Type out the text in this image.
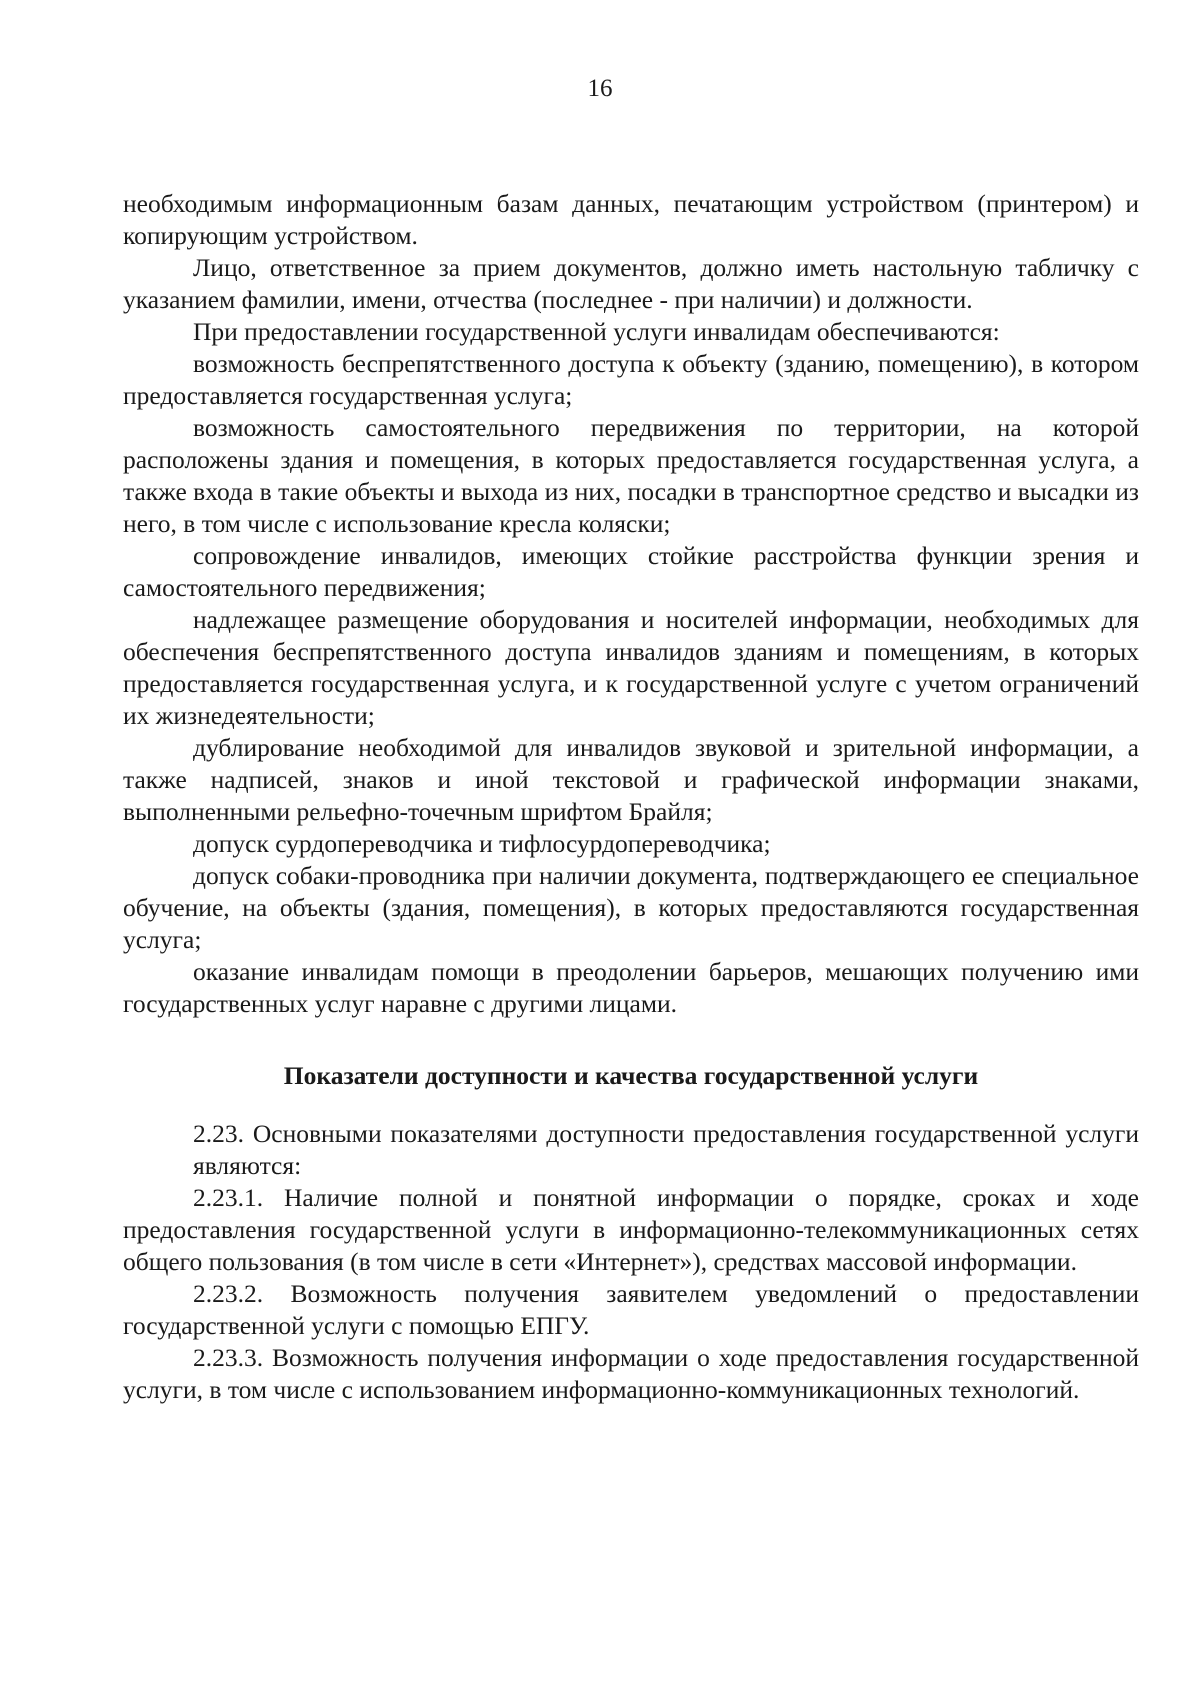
16

необходимым информационным базам данных, печатающим устройством (принтером) и копирующим устройством.

Лицо, ответственное за прием документов, должно иметь настольную табличку с указанием фамилии, имени, отчества (последнее - при наличии) и должности.

При предоставлении государственной услуги инвалидам обеспечиваются:

возможность беспрепятственного доступа к объекту (зданию, помещению), в котором предоставляется государственная услуга;

возможность самостоятельного передвижения по территории, на которой расположены здания и помещения, в которых предоставляется государственная услуга, а также входа в такие объекты и выхода из них, посадки в транспортное средство и высадки из него, в том числе с использование кресла коляски;

сопровождение инвалидов, имеющих стойкие расстройства функции зрения и самостоятельного передвижения;

надлежащее размещение оборудования и носителей информации, необходимых для обеспечения беспрепятственного доступа инвалидов зданиям и помещениям, в которых предоставляется государственная услуга, и к государственной услуге с учетом ограничений их жизнедеятельности;

дублирование необходимой для инвалидов звуковой и зрительной информации, а также надписей, знаков и иной текстовой и графической информации знаками, выполненными рельефно-точечным шрифтом Брайля;

допуск сурдопереводчика и тифлосурдопереводчика;

допуск собаки-проводника при наличии документа, подтверждающего ее специальное обучение, на объекты (здания, помещения), в которых предоставляются государственная услуга;

оказание инвалидам помощи в преодолении барьеров, мешающих получению ими государственных услуг наравне с другими лицами.

Показатели доступности и качества государственной услуги

2.23. Основными показателями доступности предоставления государственной услуги являются:

2.23.1. Наличие полной и понятной информации о порядке, сроках и ходе предоставления государственной услуги в информационно-телекоммуникационных сетях общего пользования (в том числе в сети «Интернет»), средствах массовой информации.

2.23.2. Возможность получения заявителем уведомлений о предоставлении государственной услуги с помощью ЕПГУ.

2.23.3. Возможность получения информации о ходе предоставления государственной услуги, в том числе с использованием информационно-коммуникационных технологий.
